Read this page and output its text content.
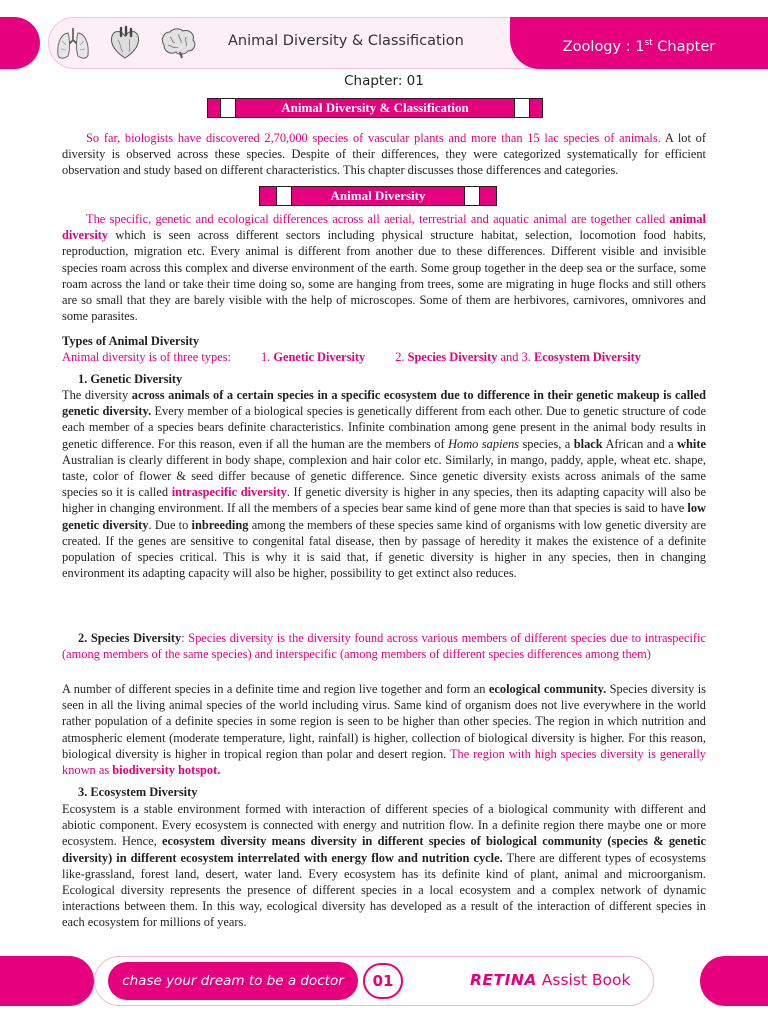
Animal Diversity & Classification	Zoology : 1st Chapter
Chapter: 01
Animal Diversity & Classification

So far, biologists have discovered 2,70,000 species of vascular plants and more than 15 lac species of animals. A lot of diversity is observed across these species. Despite of their differences, they were categorized systematically for efficient observation and study based on different characteristics. This chapter discusses those differences and categories.

Animal Diversity

The specific, genetic and ecological differences across all aerial, terrestrial and aquatic animal are together called animal diversity which is seen across different sectors including physical structure habitat, selection, locomotion food habits, reproduction, migration etc. Every animal is different from another due to these differences. Different visible and invisible species roam across this complex and diverse environment of the earth. Some group together in the deep sea or the surface, some roam across the land or take their time doing so, some are hanging from trees, some are migrating in huge flocks and still others are so small that they are barely visible with the help of microscopes. Some of them are herbivores, carnivores, omnivores and some parasites.

Types of Animal Diversity
Animal diversity is of three types: 1. Genetic Diversity 2. Species Diversity and 3. Ecosystem Diversity
1. Genetic Diversity

The diversity across animals of a certain species in a specific ecosystem due to difference in their genetic makeup is called genetic diversity. Every member of a biological species is genetically different from each other. Due to genetic structure of code each member of a species bears definite characteristics. Infinite combination among gene present in the animal body results in genetic difference. For this reason, even if all the human are the members of Homo sapiens species, a black African and a white Australian is clearly different in body shape, complexion and hair color etc. Similarly, in mango, paddy, apple, wheat etc. shape, taste, color of flower & seed differ because of genetic difference. Since genetic diversity exists across animals of the same species so it is called intraspecific diversity. If genetic diversity is higher in any species, then its adapting capacity will also be higher in changing environment. If all the members of a species bear same kind of gene more than that species is said to have low genetic diversity. Due to inbreeding among the members of these species same kind of organisms with low genetic diversity are created. If the genes are sensitive to congenital fatal disease, then by passage of heredity it makes the existence of a definite population of species critical. This is why it is said that, if genetic diversity is higher in any species, then in changing environment its adapting capacity will also be higher, possibility to get extinct also reduces.

2. Species Diversity: Species diversity is the diversity found across various members of different species due to intraspecific (among members of the same species) and interspecific (among members of different species differences among them)

A number of different species in a definite time and region live together and form an ecological community. Species diversity is seen in all the living animal species of the world including virus. Same kind of organism does not live everywhere in the world rather population of a definite species in some region is seen to be higher than other species. The region in which nutrition and atmospheric element (moderate temperature, light, rainfall) is higher, collection of biological diversity is higher. For this reason, biological diversity is higher in tropical region than polar and desert region. The region with high species diversity is generally known as biodiversity hotspot.

3. Ecosystem Diversity

Ecosystem is a stable environment formed with interaction of different species of a biological community with different and abiotic component. Every ecosystem is connected with energy and nutrition flow. In a definite region there maybe one or more ecosystem. Hence, ecosystem diversity means diversity in different species of biological community (species & genetic diversity) in different ecosystem interrelated with energy flow and nutrition cycle. There are different types of ecosystems like-grassland, forest land, desert, water land. Every ecosystem has its definite kind of plant, animal and microorganism. Ecological diversity represents the presence of different species in a local ecosystem and a complex network of dynamic interactions between them. In this way, ecological diversity has developed as a result of the interaction of different species in each ecosystem for millions of years.

chase your dream to be a doctor	01	RETINA Assist Book
